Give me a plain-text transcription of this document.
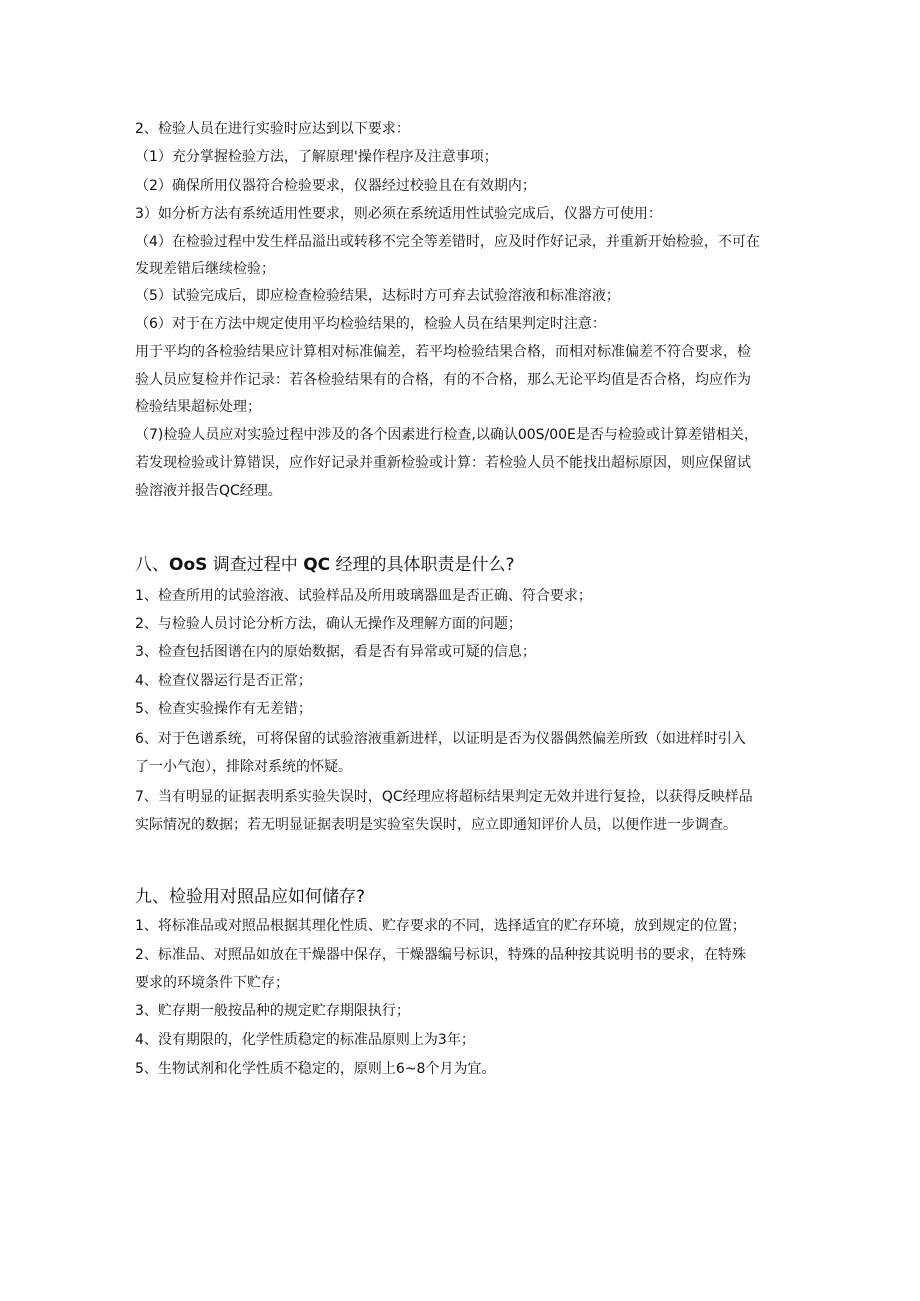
2、检验人员在进行实验时应达到以下要求：
（1）充分掌握检验方法，了解原理'操作程序及注意事项；
（2）确保所用仪器符合检验要求，仪器经过校验且在有效期内；
3）如分析方法有系统适用性要求，则必须在系统适用性试验完成后，仪器方可使用：
（4）在检验过程中发生样品溢出或转移不完全等差错时，应及时作好记录，并重新开始检验，不可在
发现差错后继续检验；
（5）试验完成后，即应检查检验结果，达标时方可弃去试验溶液和标准溶液；
（6）对于在方法中规定使用平均检验结果的，检验人员在结果判定时注意：
用于平均的各检验结果应计算相对标准偏差，若平均检验结果合格，而相对标准偏差不符合要求，检
验人员应复检并作记录：若各检验结果有的合格，有的不合格，那么无论平均值是否合格，均应作为
检验结果超标处理；
（7)检验人员应对实验过程中涉及的各个因素进行检查,以确认00S/00E是否与检验或计算差错相关，
若发现检验或计算错误，应作好记录并重新检验或计算：若检验人员不能找出超标原因，则应保留试
验溶液并报告QC经理。
八、OoS 调查过程中 QC 经理的具体职责是什么?
1、检查所用的试验溶液、试验样品及所用玻璃器皿是否正确、符合要求；
2、与检验人员讨论分析方法，确认无操作及理解方面的问题；
3、检查包括图谱在内的原始数据，看是否有异常或可疑的信息；
4、检查仪器运行是否正常；
5、检查实验操作有无差错；
6、对于色谱系统，可将保留的试验溶液重新进样，以证明是否为仪器偶然偏差所致（如进样时引入
了一小气泡），排除对系统的怀疑。
7、当有明显的证据表明系实验失误时，QC经理应将超标结果判定无效并进行复捡，以获得反映样品
实际情况的数据；若无明显证据表明是实验室失误时，应立即通知评价人员，以便作进一步调查。
九、检验用对照品应如何储存?
1、将标准品或对照品根据其理化性质、贮存要求的不同，选择适宜的贮存环境，放到规定的位置；
2、标准品、对照品如放在干燥器中保存，干燥器编号标识，特殊的品种按其说明书的要求，在特殊
要求的环境条件下贮存；
3、贮存期一般按品种的规定贮存期限执行；
4、没有期限的，化学性质稳定的标准品原则上为3年；
5、生物试剂和化学性质不稳定的，原则上6~8个月为宜。
